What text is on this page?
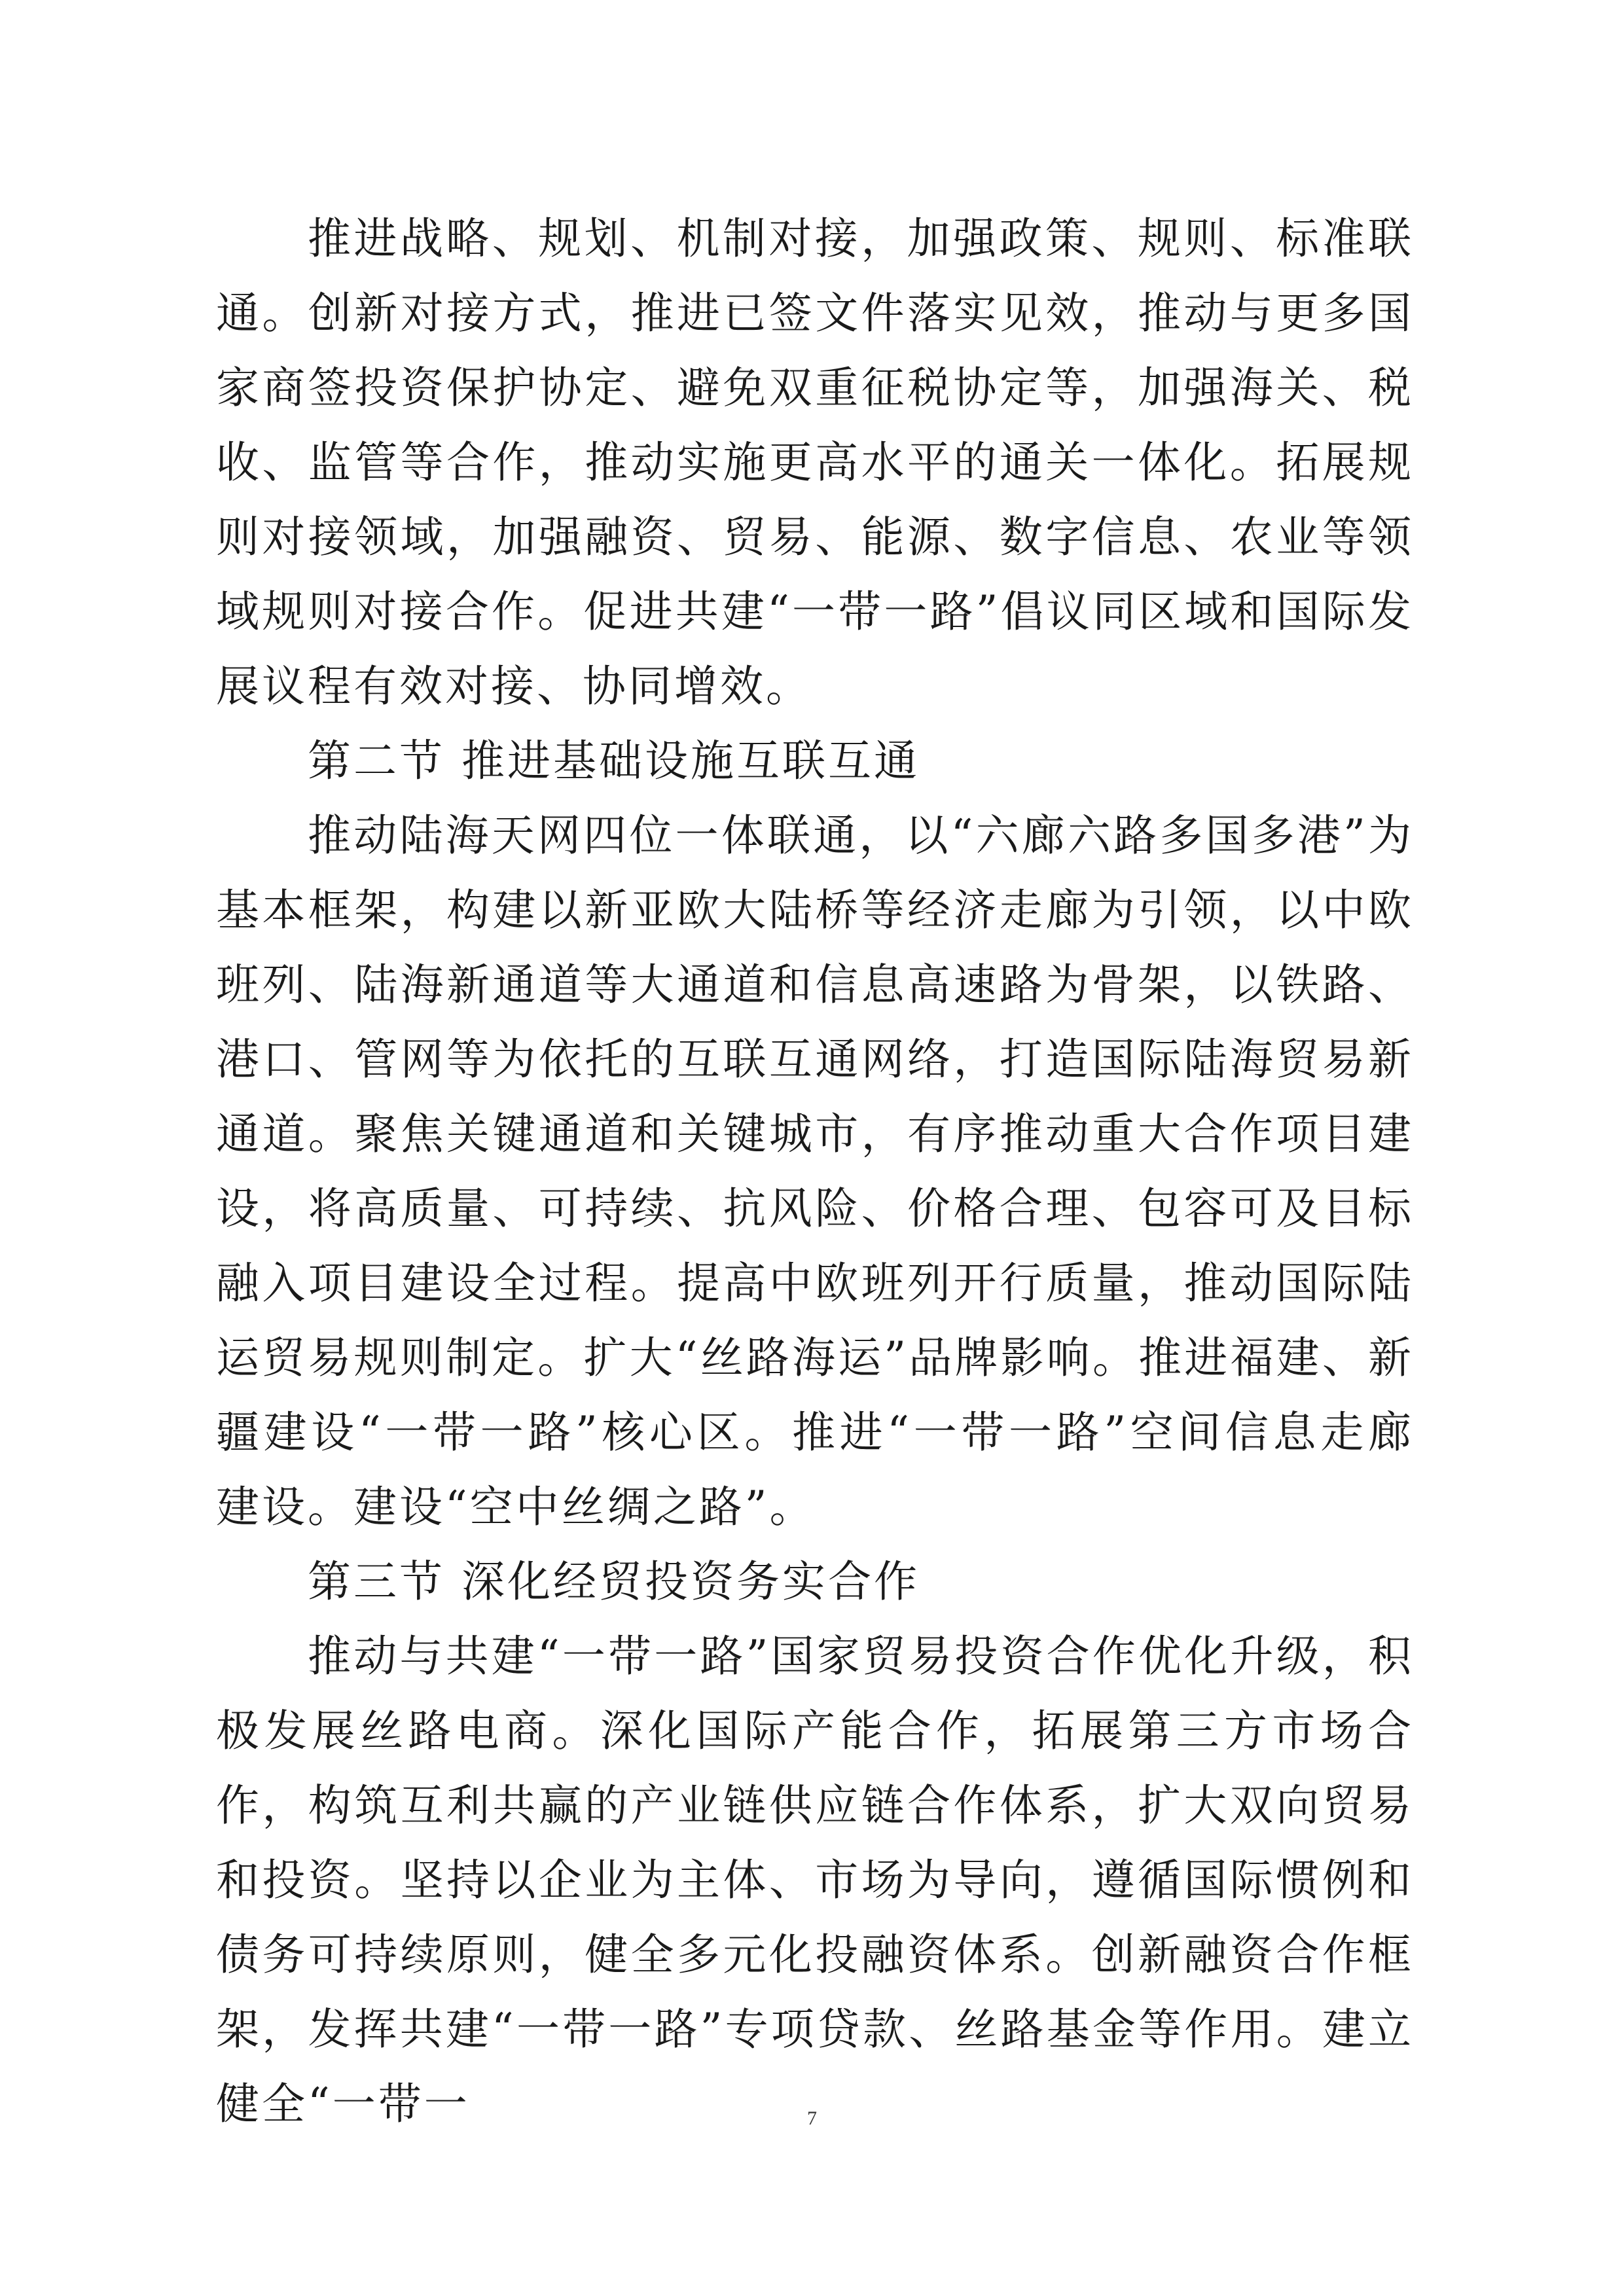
推进战略、规划、机制对接，加强政策、规则、标准联通。创新对接方式，推进已签文件落实见效，推动与更多国家商签投资保护协定、避免双重征税协定等，加强海关、税收、监管等合作，推动实施更高水平的通关一体化。拓展规则对接领域，加强融资、贸易、能源、数字信息、农业等领域规则对接合作。促进共建“一带一路”倡议同区域和国际发展议程有效对接、协同增效。

第二节 推进基础设施互联互通

推动陆海天网四位一体联通，以“六廊六路多国多港”为基本框架，构建以新亚欧大陆桥等经济走廊为引领，以中欧班列、陆海新通道等大通道和信息高速路为骨架，以铁路、港口、管网等为依托的互联互通网络，打造国际陆海贸易新通道。聚焦关键通道和关键城市，有序推动重大合作项目建设，将高质量、可持续、抗风险、价格合理、包容可及目标融入项目建设全过程。提高中欧班列开行质量，推动国际陆运贸易规则制定。扩大“丝路海运”品牌影响。推进福建、新疆建设“一带一路”核心区。推进“一带一路”空间信息走廊建设。建设“空中丝绸之路”。

第三节 深化经贸投资务实合作

推动与共建“一带一路”国家贸易投资合作优化升级，积极发展丝路电商。深化国际产能合作，拓展第三方市场合作，构筑互利共赢的产业链供应链合作体系，扩大双向贸易和投资。坚持以企业为主体、市场为导向，遵循国际惯例和债务可持续原则，健全多元化投融资体系。创新融资合作框架，发挥共建“一带一路”专项贷款、丝路基金等作用。建立健全“一带一	7
